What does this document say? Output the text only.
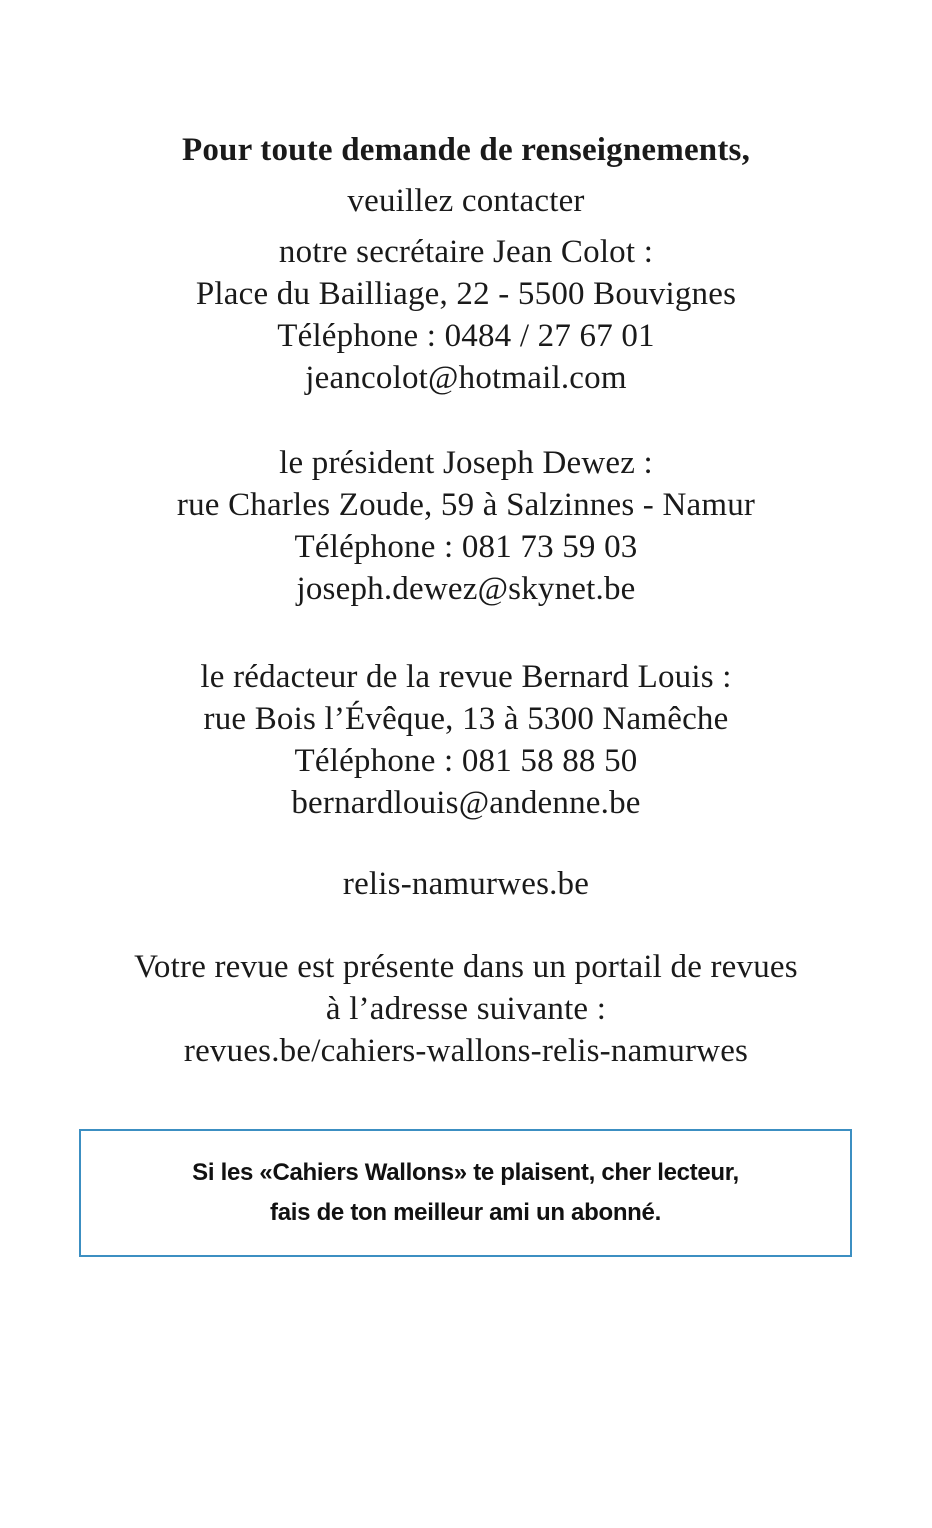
Pour toute demande de renseignements,
veuillez contacter
notre secrétaire Jean Colot :
Place du Bailliage, 22 - 5500 Bouvignes
Téléphone : 0484 / 27 67 01
jeancolot@hotmail.com
le président Joseph Dewez :
rue Charles Zoude, 59 à Salzinnes - Namur
Téléphone : 081 73 59 03
joseph.dewez@skynet.be
le rédacteur de la revue Bernard Louis :
rue Bois l’Évêque, 13 à 5300 Namêche
Téléphone : 081 58 88 50
bernardlouis@andenne.be
relis-namurwes.be
Votre revue est présente dans un portail de revues
à l’adresse suivante :
revues.be/cahiers-wallons-relis-namurwes
Si les «Cahiers Wallons» te plaisent, cher lecteur,
fais de ton meilleur ami un abonné.
